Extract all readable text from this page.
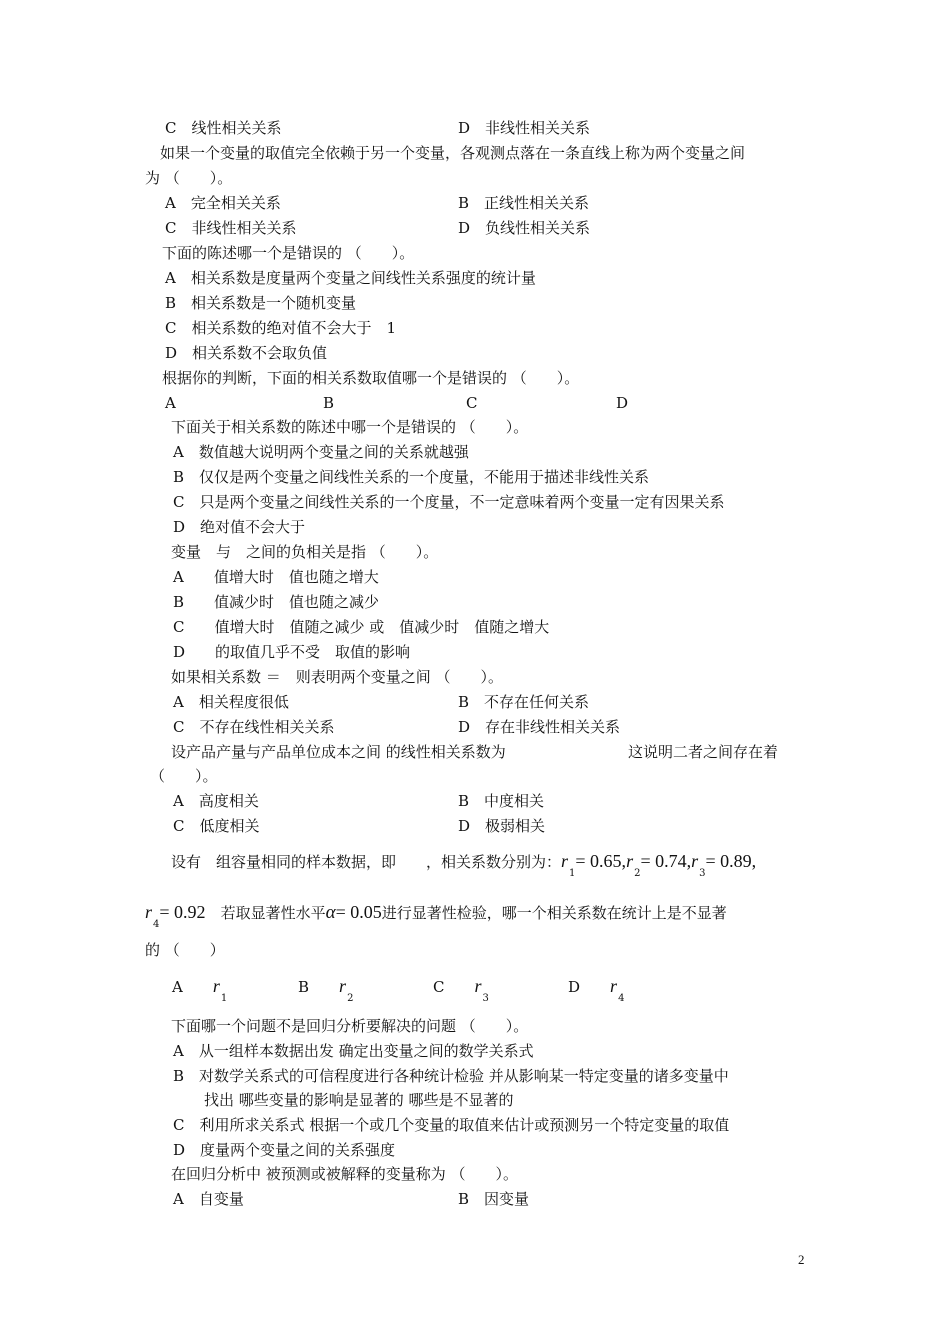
C　线性相关关系	D　非线性相关关系
如果一个变量的取值完全依赖于另一个变量，各观测点落在一条直线上称为两个变量之间
为 （　　）。
A　完全相关关系	B　正线性相关关系
C　非线性相关关系	D　负线性相关关系
下面的陈述哪一个是错误的 （　　）。
A　相关系数是度量两个变量之间线性关系强度的统计量
B　相关系数是一个随机变量
C　相关系数的绝对值不会大于　1
D　相关系数不会取负值
根据你的判断，下面的相关系数取值哪一个是错误的 （　　）。
A	B	C	D
下面关于相关系数的陈述中哪一个是错误的 （　　）。
A　数值越大说明两个变量之间的关系就越强
B　仅仅是两个变量之间线性关系的一个度量，不能用于描述非线性关系
C　只是两个变量之间线性关系的一个度量，不一定意味着两个变量一定有因果关系
D　绝对值不会大于
变量　与　之间的负相关是指 （　　）。
A　　值增大时　值也随之增大
B　　值减少时　值也随之减少
C　　值增大时　值随之减少 或　值减少时　值随之增大
D　　的取值几乎不受　取值的影响
如果相关系数 ＝　则表明两个变量之间 （　　）。
A　相关程度很低	B　不存在任何关系
C　不存在线性相关关系	D　存在非线性相关关系
设产品产量与产品单位成本之间 的线性相关系数为	这说明二者之间存在着
（　　）。
A　高度相关	B　中度相关
C　低度相关	D　极弱相关
设有　组容量相同的样本数据，即　　，相关系数分别为：$r_1= 0.65,r_2= 0.74,r_3= 0.89$,
$r_4= 0.92$　 若取显著性水平α= 0.05进行显著性检验，哪一个相关系数在统计上是不显著
的 （　　）
A　　 $r_1$
B　　 $r_2$
C　　 $r_3$
D　　 $r_4$
下面哪一个问题不是回归分析要解决的问题 （　　）。
A　从一组样本数据出发 确定出变量之间的数学关系式
B　对数学关系式的可信程度进行各种统计检验 并从影响某一特定变量的诸多变量中
找出 哪些变量的影响是显著的 哪些是不显著的
C　利用所求关系式 根据一个或几个变量的取值来估计或预测另一个特定变量的取值
D　度量两个变量之间的关系强度
在回归分析中 被预测或被解释的变量称为 （　　）。
A　自变量	B　因变量
2
